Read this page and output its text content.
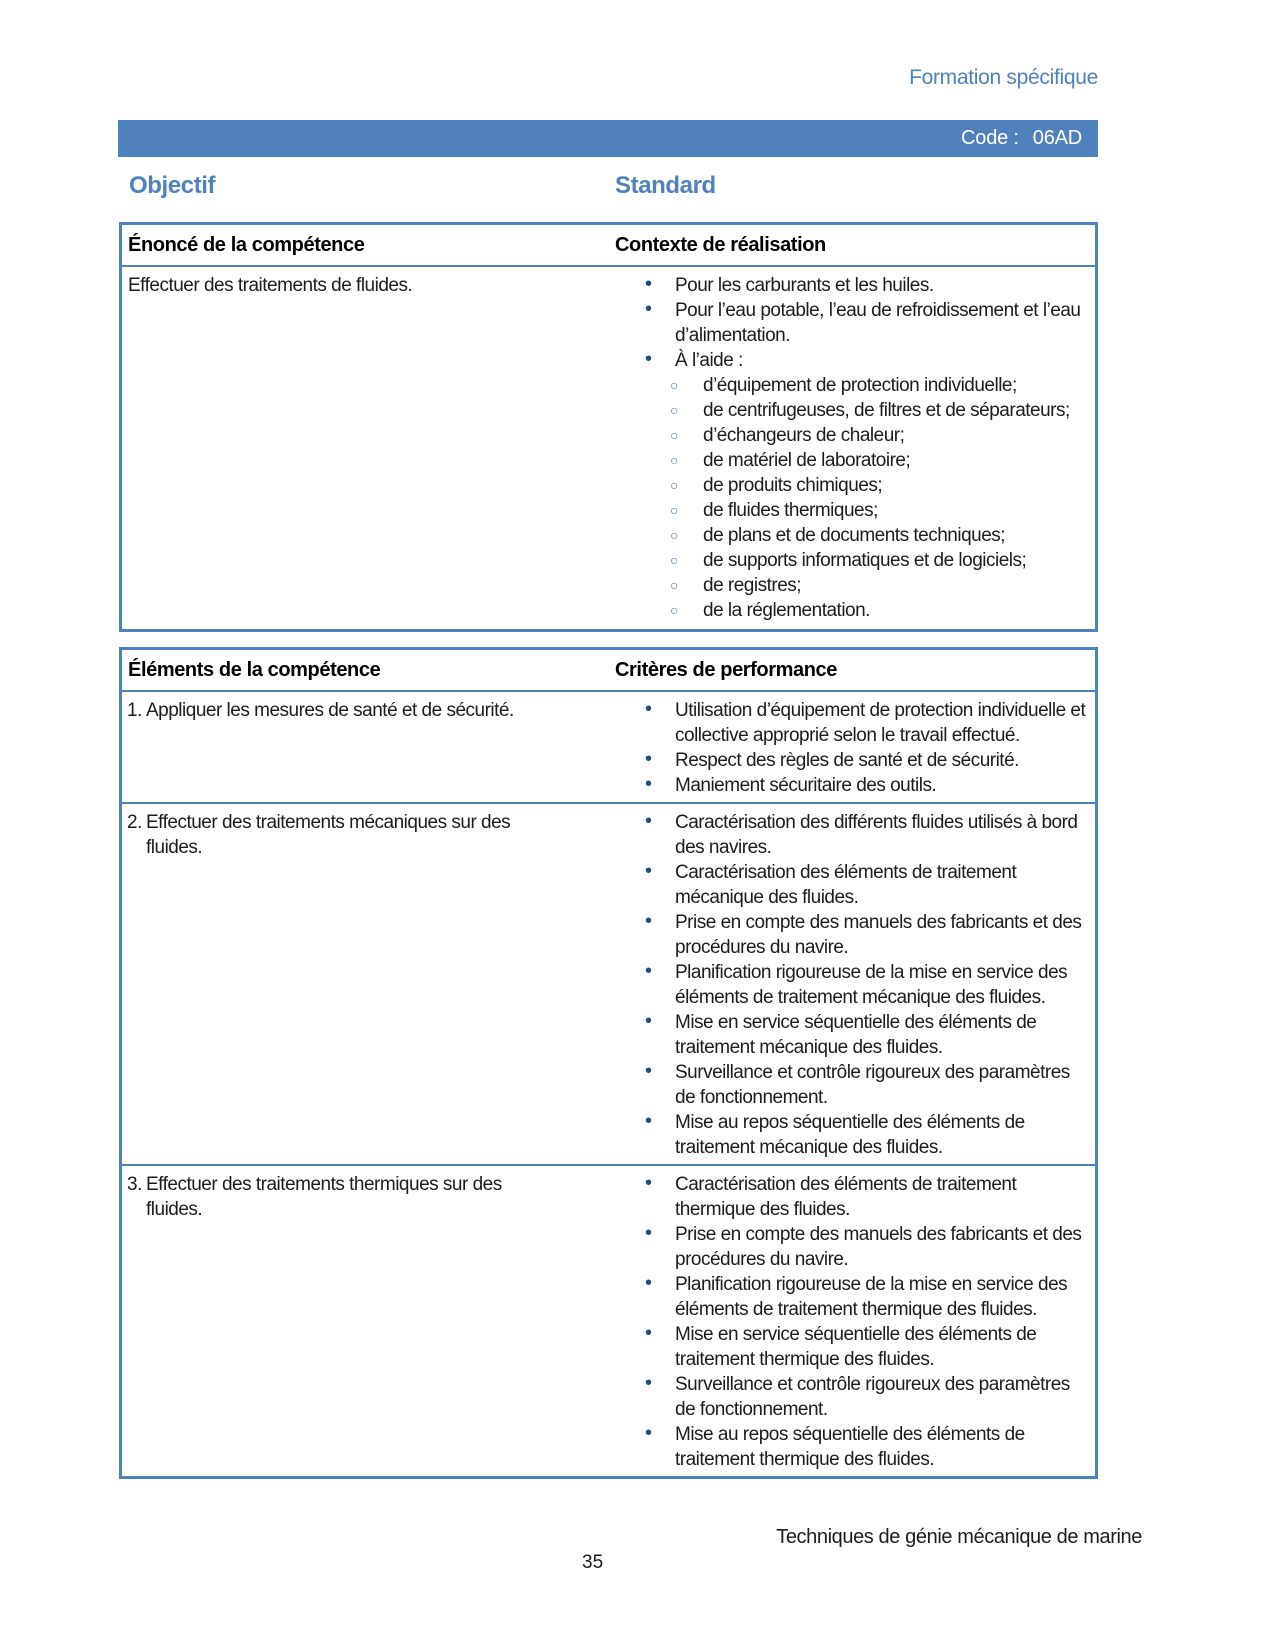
Formation spécifique
Code : 06AD
Objectif	Standard
Énoncé de la compétence	Contexte de réalisation
Effectuer des traitements de fluides.	• Pour les carburants et les huiles.
• Pour l’eau potable, l’eau de refroidissement et l’eau d’alimentation.
• À l’aide :
○ d’équipement de protection individuelle;
○ de centrifugeuses, de filtres et de séparateurs;
○ d’échangeurs de chaleur;
○ de matériel de laboratoire;
○ de produits chimiques;
○ de fluides thermiques;
○ de plans et de documents techniques;
○ de supports informatiques et de logiciels;
○ de registres;
○ de la réglementation.
Éléments de la compétence	Critères de performance
1. Appliquer les mesures de santé et de sécurité.	• Utilisation d’équipement de protection individuelle et collective approprié selon le travail effectué.
• Respect des règles de santé et de sécurité.
• Maniement sécuritaire des outils.
2. Effectuer des traitements mécaniques sur des fluides.
• Caractérisation des différents fluides utilisés à bord des navires.
• Caractérisation des éléments de traitement mécanique des fluides.
• Prise en compte des manuels des fabricants et des procédures du navire.
• Planification rigoureuse de la mise en service des éléments de traitement mécanique des fluides.
• Mise en service séquentielle des éléments de traitement mécanique des fluides.
• Surveillance et contrôle rigoureux des paramètres de fonctionnement.
• Mise au repos séquentielle des éléments de traitement mécanique des fluides.
3. Effectuer des traitements thermiques sur des fluides.
• Caractérisation des éléments de traitement thermique des fluides.
• Prise en compte des manuels des fabricants et des procédures du navire.
• Planification rigoureuse de la mise en service des éléments de traitement thermique des fluides.
• Mise en service séquentielle des éléments de traitement thermique des fluides.
• Surveillance et contrôle rigoureux des paramètres de fonctionnement.
• Mise au repos séquentielle des éléments de traitement thermique des fluides.
Techniques de génie mécanique de marine
35
